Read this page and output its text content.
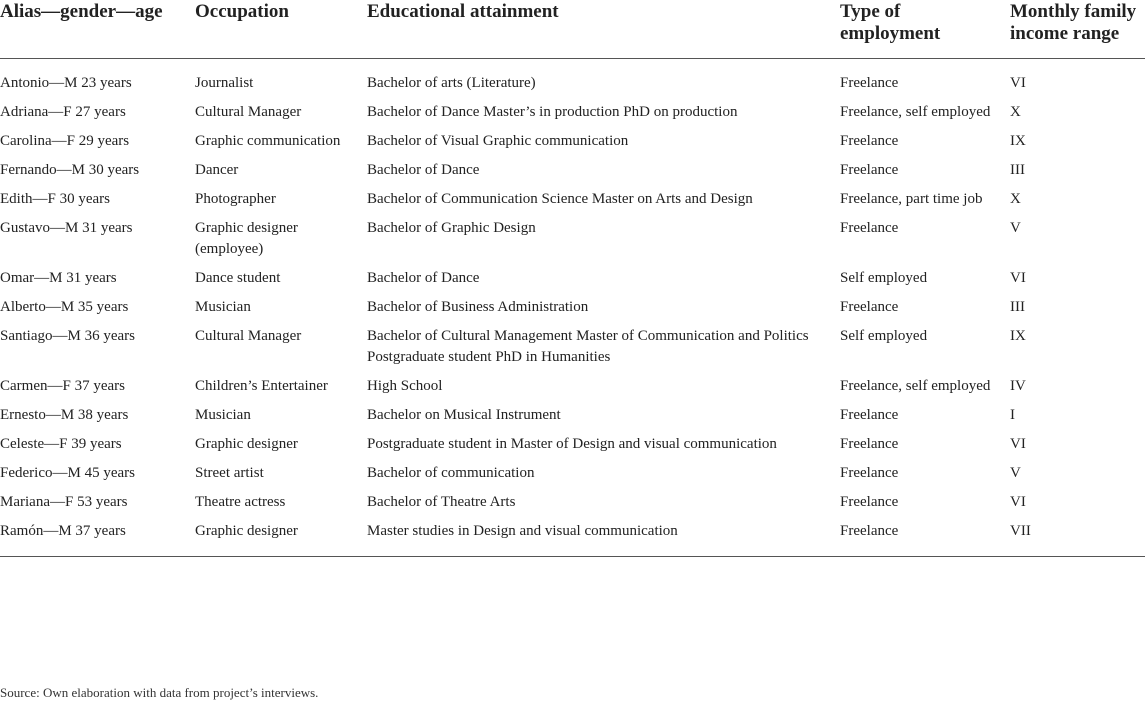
Alias—gender—age	Occupation	Educational attainment	Type of employment	Monthly family income range
Antonio—M 23 years	Journalist	Bachelor of arts (Literature)	Freelance	VI
Adriana—F 27 years	Cultural Manager	Bachelor of Dance Master’s in production PhD on production	Freelance, self employed	X
Carolina—F 29 years	Graphic communication	Bachelor of Visual Graphic communication	Freelance	IX
Fernando—M 30 years	Dancer	Bachelor of Dance	Freelance	III
Edith—F 30 years	Photographer	Bachelor of Communication Science Master on Arts and Design	Freelance, part time job	X
Gustavo—M 31 years	Graphic designer (employee)	Bachelor of Graphic Design	Freelance	V
Omar—M 31 years	Dance student	Bachelor of Dance	Self employed	VI
Alberto—M 35 years	Musician	Bachelor of Business Administration	Freelance	III
Santiago—M 36 years	Cultural Manager	Bachelor of Cultural Management Master of Communication and Politics Postgraduate student PhD in Humanities	Self employed	IX
Carmen—F 37 years	Children’s Entertainer	High School	Freelance, self employed	IV
Ernesto—M 38 years	Musician	Bachelor on Musical Instrument	Freelance	I
Celeste—F 39 years	Graphic designer	Postgraduate student in Master of Design and visual communication	Freelance	VI
Federico—M 45 years	Street artist	Bachelor of communication	Freelance	V
Mariana—F 53 years	Theatre actress	Bachelor of Theatre Arts	Freelance	VI
Ramón—M 37 years	Graphic designer	Master studies in Design and visual communication	Freelance	VII
Source: Own elaboration with data from project’s interviews.
